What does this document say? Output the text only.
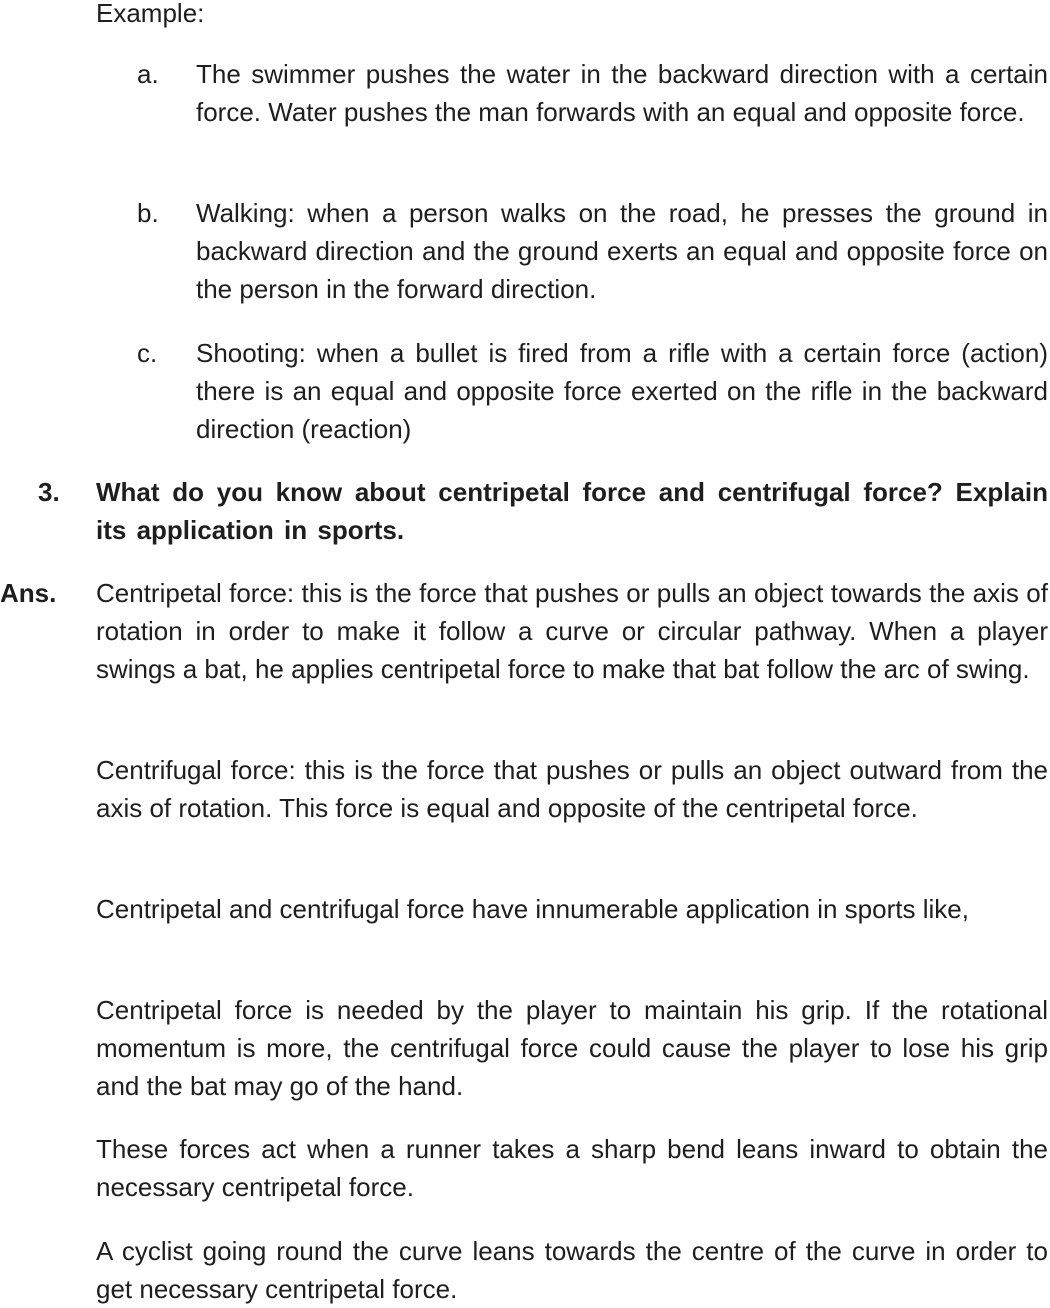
Example:
a.	The swimmer pushes the water in the backward direction with a certain force. Water pushes the man forwards with an equal and opposite force.
b.	Walking: when a person walks on the road, he presses the ground in backward direction and the ground exerts an equal and opposite force on the person in the forward direction.
c.	Shooting: when a bullet is fired from a rifle with a certain force (action) there is an equal and opposite force exerted on the rifle in the backward direction (reaction)
3. What do you know about centripetal force and centrifugal force? Explain its application in sports.
Ans. Centripetal force: this is the force that pushes or pulls an object towards the axis of rotation in order to make it follow a curve or circular pathway. When a player swings a bat, he applies centripetal force to make that bat follow the arc of swing.
Centrifugal force: this is the force that pushes or pulls an object outward from the axis of rotation. This force is equal and opposite of the centripetal force.
Centripetal and centrifugal force have innumerable application in sports like,
Centripetal force is needed by the player to maintain his grip. If the rotational momentum is more, the centrifugal force could cause the player to lose his grip and the bat may go of the hand.
These forces act when a runner takes a sharp bend leans inward to obtain the necessary centripetal force.
A cyclist going round the curve leans towards the centre of the curve in order to get necessary centripetal force.
